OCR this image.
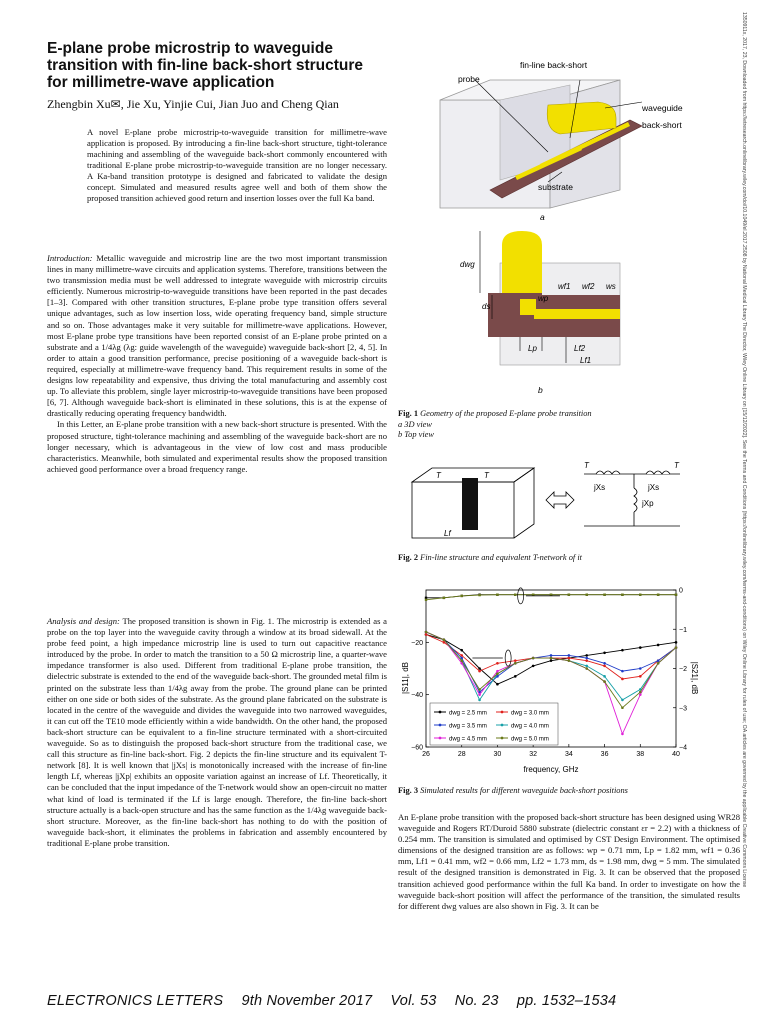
E-plane probe microstrip to waveguide transition with fin-line back-short structure for millimetre-wave application
Zhengbin Xu✉, Jie Xu, Yinjie Cui, Jian Juo and Cheng Qian
A novel E-plane probe microstrip-to-waveguide transition for millimetre-wave application is proposed. By introducing a fin-line back-short structure, tight-tolerance machining and assembling of the waveguide back-short commonly encountered with traditional E-plane probe microstrip-to-waveguide transition are no longer necessary. A Ka-band transition prototype is designed and fabricated to validate the design concept. Simulated and measured results agree well and both of them show the proposed transition achieved good return and insertion losses over the full Ka band.

Introduction: Metallic waveguide and microstrip line are the two most important transmission lines in many millimetre-wave circuits and application systems. Therefore, transitions between the two transmission media must be well addressed to integrate waveguide with microstrip circuits efficiently. Numerous microstrip-to-waveguide transitions have been reported in the past decades [1–3]. Compared with other transition structures, E-plane probe type transition offers several unique advantages, such as low insertion loss, wide operating frequency band, simple structure and so on. Those advantages make it very suitable for millimetre-wave applications. However, most E-plane probe type transitions have been reported consist of an E-plane probe printed on a substrate and a 1/4λg (λg: guide wavelength of the waveguide) waveguide back-short [2, 4, 5]. In order to attain a good transition performance, precise positioning of a waveguide back-short is required, especially at millimetre-wave frequency band. This requirement results in some of the designs low repeatability and expensive, thus driving the total manufacturing and assembly cost up. To alleviate this problem, single layer microstrip-to-waveguide transitions have been proposed [6, 7]. Although waveguide back-short is eliminated in these solutions, this is at the expense of drastically reducing operating frequency bandwidth.

In this Letter, an E-plane probe transition with a new back-short structure is presented. With the proposed structure, tight-tolerance machining and assembling of the waveguide back-short are no longer necessary, which is advantageous in the view of low cost and mass producible characteristics. Meanwhile, both simulated and experimental results show the proposed transition achieved good performance over a broad frequency range.

Analysis and design: The proposed transition is shown in Fig. 1. The microstrip is extended as a probe on the top layer into the waveguide cavity through a window at its broad sidewall. At the probe feed point, a high impedance microstrip line is used to turn out capacitive reactance introduced by the probe. In order to match the transition to a 50 Ω microstrip line, a quarter-wave impedance transformer is also used. Different from traditional E-plane probe transition, the dielectric substrate is extended to the end of the waveguide back-short. The grounded metal film is printed on the substrate less than 1/4λg away from the probe. The ground plane can be printed either on one side or both sides of the substrate. As the ground plane fabricated on the substrate is located in the centre of the waveguide and divides the waveguide into two narrowed waveguides, it can cut off the TE10 mode efficiently within a wide bandwidth. On the other hand, the proposed back-short structure can be equivalent to a fin-line structure terminated with a short-circuited waveguide. So as to distinguish the proposed back-short structure from the traditional case, we call this structure as fin-line back-short. Fig. 2 depicts the fin-line structure and its equivalent T-network [8]. It is well known that |jXs| is monotonically increased with the increase of fin-line length Lf, whereas |jXp| exhibits an opposite variation against an increase of Lf. Theoretically, it can be concluded that the input impedance of the T-network would show an open-circuit no matter what kind of load is terminated if the Lf is large enough. Therefore, the fin-line back-short structure actually is a back-open structure and has the same function as the 1/4λg waveguide back-short structure. Moreover, as the fin-line back-short has nothing to do with the position of waveguide back-short, it eliminates the problems in fabrication and assembly encountered by traditional E-plane probe transition.

fin-line back-short
probe
waveguide
back-short
substrate
a
dwg
ds
wp
wf1 wf2 ws
Lp	Lf2
Lf1
b
Fig. 1 Geometry of the proposed E-plane probe transition
a 3D view
b Top view
T	T
Lf
T	T
jXs	jXs
jXp
Fig. 2 Fin-line structure and equivalent T-network of it
26	28	30	32	34	36	38	40
−60
−40
−20
−4
−3
−2
−1
0
dwg = 2.5 mm	dwg = 3.0 mm
dwg = 3.5 mm	dwg = 4.0 mm
dwg = 4.5 mm	dwg = 5.0 mm
|S11|, dB	|S21|, dB
frequency, GHz
Fig. 3 Simulated results for different waveguide back-short positions
An E-plane probe transition with the proposed back-short structure has been designed using WR28 waveguide and Rogers RT/Duroid 5880 substrate (dielectric constant εr = 2.2) with a thickness of 0.254 mm. The transition is simulated and optimised by CST Design Environment. The optimised dimensions of the designed transition are as follows: wp = 0.71 mm, Lp = 1.82 mm, wf1 = 0.36 mm, Lf1 = 0.41 mm, wf2 = 0.66 mm, Lf2 = 1.73 mm, ds = 1.98 mm, dwg = 5 mm. The simulated result of the designed transition is demonstrated in Fig. 3. It can be observed that the proposed transition achieved good performance within the full Ka band. In order to investigate on how the waveguide back-short position will affect the performance of the transition, the simulated results for different dwg values are also shown in Fig. 3. It can be
ELECTRONICS LETTERS 9th November 2017 Vol. 53 No. 23 pp. 1532–1534
1350911x, 2017, 23, Downloaded from https://ietresearch.onlinelibrary.wiley.com/doi/10.1049/el.2017.2508 by National Medical Library The Director, Wiley Online Library on [15/12/2022]. See the Terms and Conditions (https://onlinelibrary.wiley.com/terms-and-conditions) on Wiley Online Library for rules of use; OA articles are governed by the applicable Creative Commons License
